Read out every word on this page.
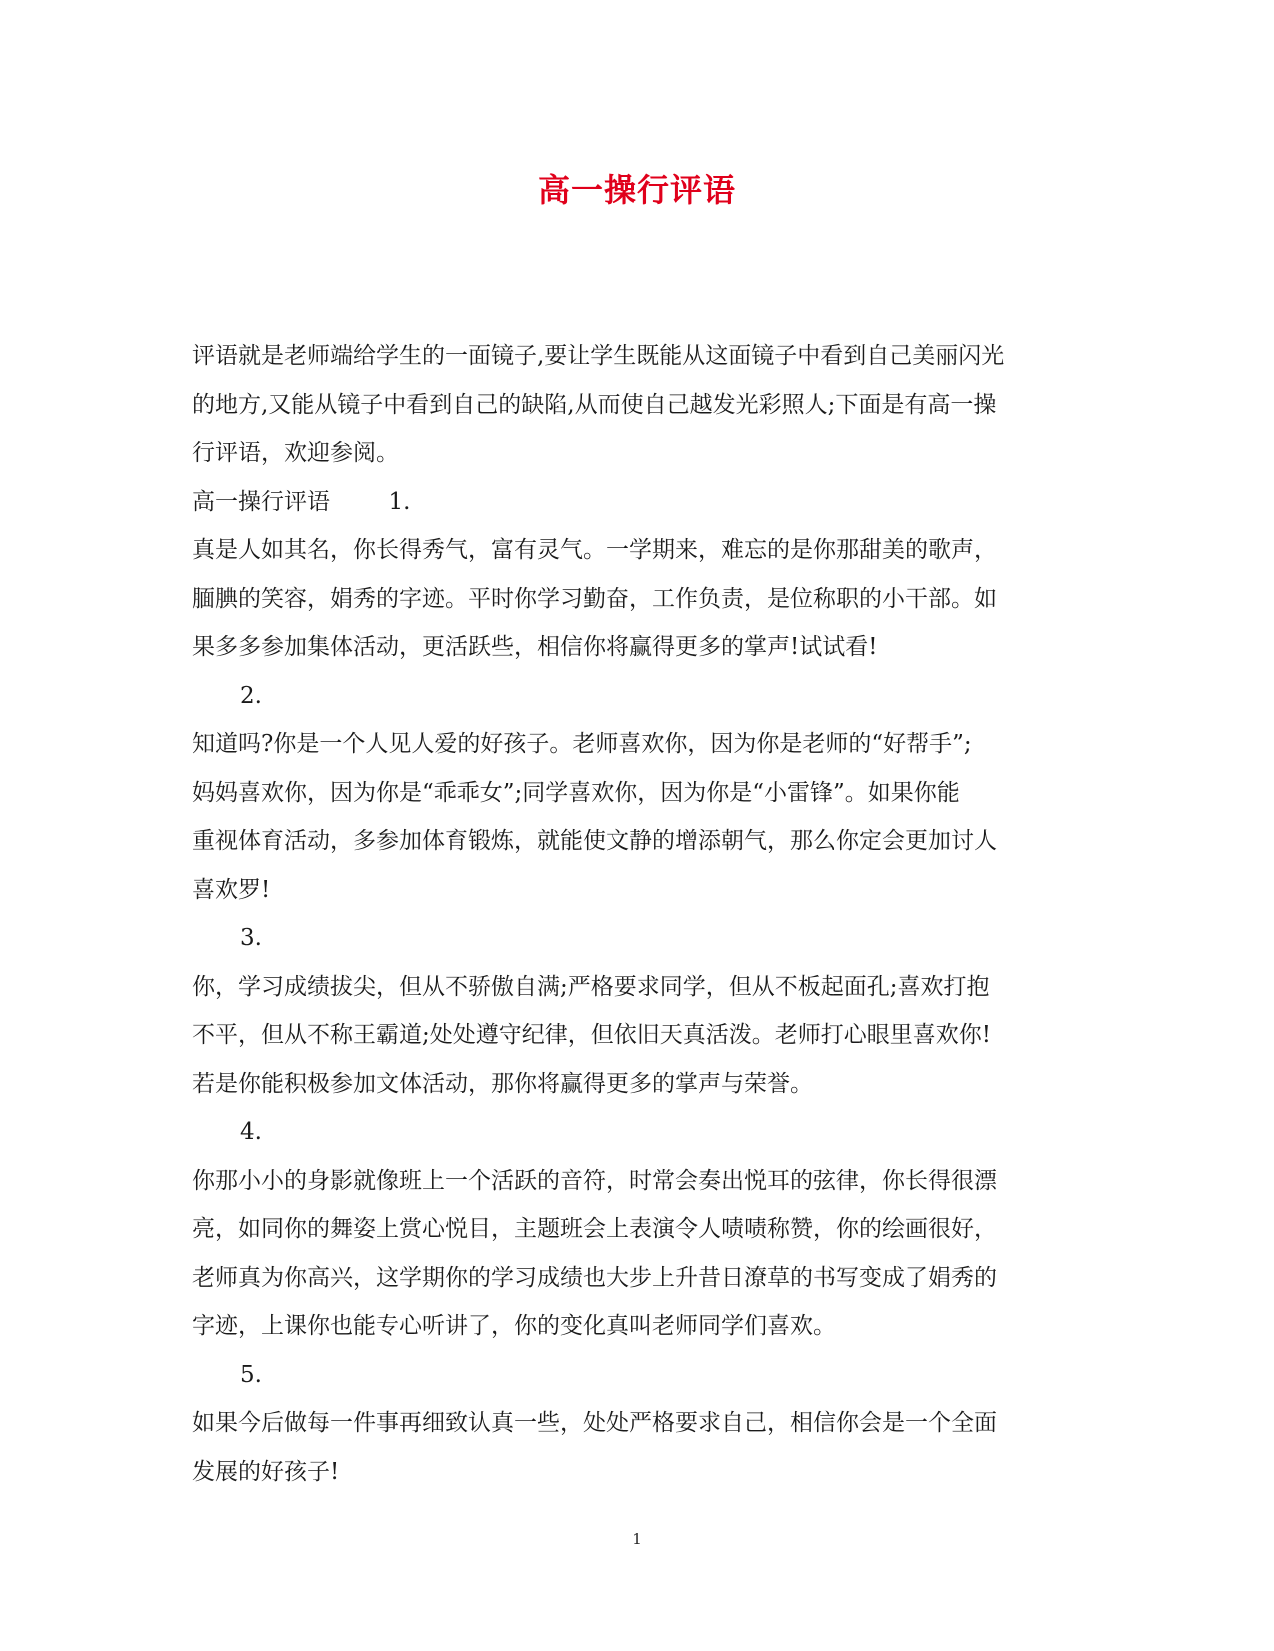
高一操行评语

评语就是老师端给学生的一面镜子,要让学生既能从这面镜子中看到自己美丽闪光
的地方,又能从镜子中看到自己的缺陷,从而使自己越发光彩照人;下面是有高一操
行评语，欢迎参阅。

高一操行评语	1.

真是人如其名，你长得秀气，富有灵气。一学期来，难忘的是你那甜美的歌声，
腼腆的笑容，娟秀的字迹。平时你学习勤奋，工作负责，是位称职的小干部。如
果多多参加集体活动，更活跃些，相信你将赢得更多的掌声!试试看!

2.

知道吗?你是一个人见人爱的好孩子。老师喜欢你，因为你是老师的“好帮手”;
妈妈喜欢你，因为你是“乖乖女”;同学喜欢你，因为你是“小雷锋”。如果你能
重视体育活动，多参加体育锻炼，就能使文静的增添朝气，那么你定会更加讨人
喜欢罗!

3.

你，学习成绩拔尖，但从不骄傲自满;严格要求同学，但从不板起面孔;喜欢打抱
不平，但从不称王霸道;处处遵守纪律，但依旧天真活泼。老师打心眼里喜欢你!
若是你能积极参加文体活动，那你将赢得更多的掌声与荣誉。

4.

你那小小的身影就像班上一个活跃的音符，时常会奏出悦耳的弦律，你长得很漂
亮，如同你的舞姿上赏心悦目，主题班会上表演令人啧啧称赞，你的绘画很好，
老师真为你高兴，这学期你的学习成绩也大步上升昔日潦草的书写变成了娟秀的
字迹，上课你也能专心听讲了，你的变化真叫老师同学们喜欢。

5.

如果今后做每一件事再细致认真一些，处处严格要求自己，相信你会是一个全面
发展的好孩子!

1
